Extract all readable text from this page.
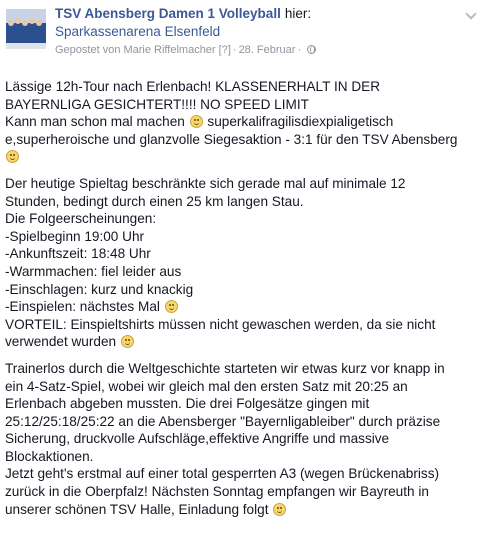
TSV Abensberg Damen 1 Volleyball hier:
Sparkassenarena Elsenfeld
Gepostet von Marie Riffelmacher [?] · 28. Februar ·
Lässige 12h-Tour nach Erlenbach! KLASSENERHALT IN DER
BAYERNLIGA GESICHTERT!!!! NO SPEED LIMIT
Kann man schon mal machen superkalifragilisdiexpialigetisch
e,superheroische und glanzvolle Siegesaktion - 3:1 für den TSV Abensberg
Der heutige Spieltag beschränkte sich gerade mal auf minimale 12
Stunden, bedingt durch einen 25 km langen Stau.
Die Folgeerscheinungen:
-Spielbeginn 19:00 Uhr
-Ankunftszeit: 18:48 Uhr
-Warmmachen: fiel leider aus
-Einschlagen: kurz und knackig
-Einspielen: nächstes Mal
VORTEIL: Einspieltshirts müssen nicht gewaschen werden, da sie nicht
verwendet wurden
Trainerlos durch die Weltgeschichte starteten wir etwas kurz vor knapp in
ein 4-Satz-Spiel, wobei wir gleich mal den ersten Satz mit 20:25 an
Erlenbach abgeben mussten. Die drei Folgesätze gingen mit
25:12/25:18/25:22 an die Abensberger "Bayernligableiber" durch präzise
Sicherung, druckvolle Aufschläge,effektive Angriffe und massive
Blockaktionen.
Jetzt geht's erstmal auf einer total gesperrten A3 (wegen Brückenabriss)
zurück in die Oberpfalz! Nächsten Sonntag empfangen wir Bayreuth in
unserer schönen TSV Halle, Einladung folgt
